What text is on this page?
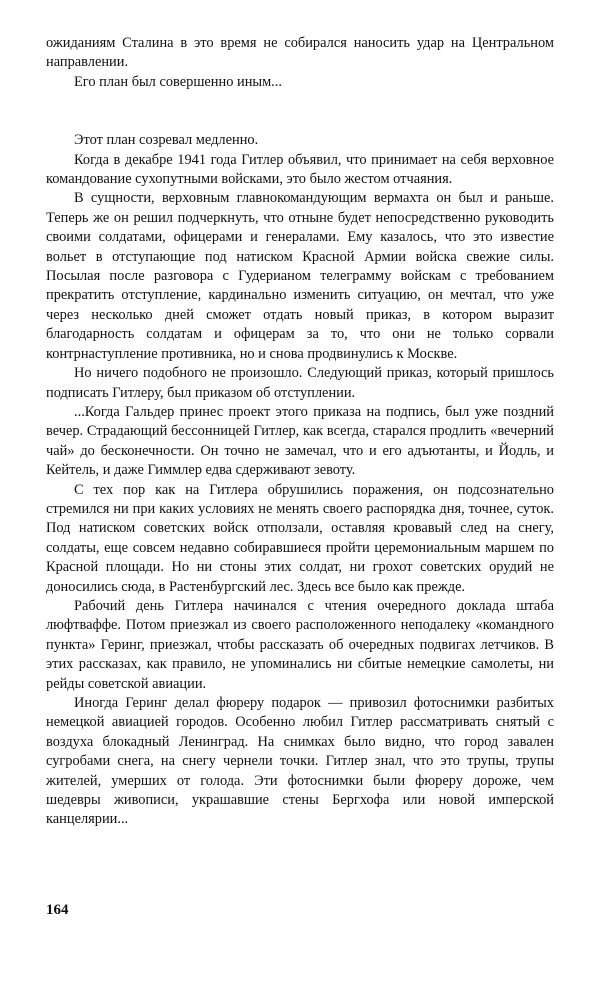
ожиданиям Сталина в это время не собирался наносить удар на Центральном направлении.

Его план был совершенно иным...

Этот план созревал медленно.

Когда в декабре 1941 года Гитлер объявил, что принимает на себя верховное командование сухопутными войсками, это было жестом отчаяния.

В сущности, верховным главнокомандующим вермахта он был и раньше. Теперь же он решил подчеркнуть, что отныне будет непосредственно руководить своими солдатами, офицерами и генералами. Ему казалось, что это известие вольет в отступающие под натиском Красной Армии войска свежие силы. Посылая после разговора с Гудерианом телеграмму войскам с требованием прекратить отступление, кардинально изменить ситуацию, он мечтал, что уже через несколько дней сможет отдать новый приказ, в котором выразит благодарность солдатам и офицерам за то, что они не только сорвали контрнаступление противника, но и снова продвинулись к Москве.

Но ничего подобного не произошло. Следующий приказ, который пришлось подписать Гитлеру, был приказом об отступлении.

...Когда Гальдер принес проект этого приказа на подпись, был уже поздний вечер. Страдающий бессонницей Гитлер, как всегда, старался продлить «вечерний чай» до бесконечности. Он точно не замечал, что и его адъютанты, и Йодль, и Кейтель, и даже Гиммлер едва сдерживают зевоту.

С тех пор как на Гитлера обрушились поражения, он подсознательно стремился ни при каких условиях не менять своего распорядка дня, точнее, суток. Под натиском советских войск отползали, оставляя кровавый след на снегу, солдаты, еще совсем недавно собиравшиеся пройти церемониальным маршем по Красной площади. Но ни стоны этих солдат, ни грохот советских орудий не доносились сюда, в Растенбургский лес. Здесь все было как прежде.

Рабочий день Гитлера начинался с чтения очередного доклада штаба люфтваффе. Потом приезжал из своего расположенного неподалеку «командного пункта» Геринг, приезжал, чтобы рассказать об очередных подвигах летчиков. В этих рассказах, как правило, не упоминались ни сбитые немецкие самолеты, ни рейды советской авиации.

Иногда Геринг делал фюреру подарок — привозил фотоснимки разбитых немецкой авиацией городов. Особенно любил Гитлер рассматривать снятый с воздуха блокадный Ленинград. На снимках было видно, что город завален сугробами снега, на снегу чернели точки. Гитлер знал, что это трупы, трупы жителей, умерших от голода. Эти фотоснимки были фюреру дороже, чем шедевры живописи, украшавшие стены Бергхофа или новой имперской канцелярии...

164
